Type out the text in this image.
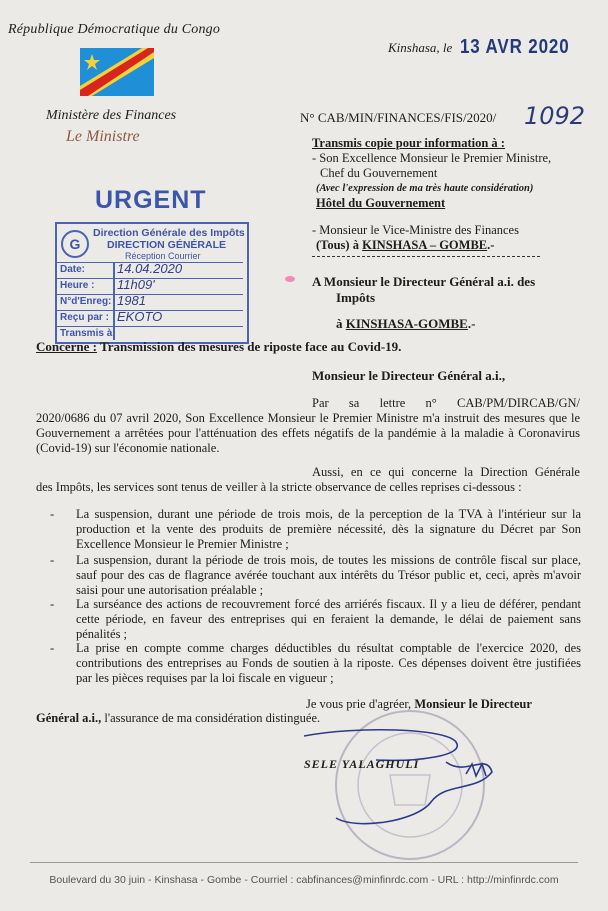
République Démocratique du Congo
Ministère des Finances
Le Ministre
Kinshasa, le 13 AVR 2020
N° CAB/MIN/FINANCES/FIS/2020/ 1092
Transmis copie pour information à :
- Son Excellence Monsieur le Premier Ministre,
Chef du Gouvernement
(Avec l'expression de ma très haute considération)
Hôtel du Gouvernement
- Monsieur le Vice-Ministre des Finances
(Tous) à KINSHASA – GOMBE.-
A Monsieur le Directeur Général a.i. des
Impôts
à KINSHASA-GOMBE.-
URGENT
G
Direction Générale des Impôts
DIRECTION GÉNÉRALE
Réception Courrier
Date: 14.04.2020
Heure : 11h09'
N°d'Enreg: 1981
Reçu par : EKOTO
Transmis à
Concerne : Transmission des mesures de riposte face au Covid-19.
Monsieur le Directeur Général a.i.,
Par sa lettre n° CAB/PM/DIRCAB/GN/
2020/0686 du 07 avril 2020, Son Excellence Monsieur le Premier Ministre m'a instruit des mesures que le Gouvernement a arrêtées pour l'atténuation des effets négatifs de la pandémie à la maladie à Coronavirus (Covid-19) sur l'économie nationale.
Aussi, en ce qui concerne la Direction Générale
des Impôts, les services sont tenus de veiller à la stricte observance de celles reprises ci-dessous :
- La suspension, durant une période de trois mois, de la perception de la TVA à l'intérieur sur la production et la vente des produits de première nécessité, dès la signature du Décret par Son Excellence Monsieur le Premier Ministre ;
- La suspension, durant la période de trois mois, de toutes les missions de contrôle fiscal sur place, sauf pour des cas de flagrance avérée touchant aux intérêts du Trésor public et, ceci, après m'avoir saisi pour une autorisation préalable ;
- La surséance des actions de recouvrement forcé des arriérés fiscaux. Il y a lieu de déférer, pendant cette période, en faveur des entreprises qui en feraient la demande, le délai de paiement sans pénalités ;
- La prise en compte comme charges déductibles du résultat comptable de l'exercice 2020, des contributions des entreprises au Fonds de soutien à la riposte. Ces dépenses doivent être justifiées par les pièces requises par la loi fiscale en vigueur ;
Je vous prie d'agréer, Monsieur le Directeur
Général a.i., l'assurance de ma considération distinguée.
SELE YALAGHULI
Boulevard du 30 juin - Kinshasa - Gombe - Courriel : cabfinances@minfinrdc.com - URL : http://minfinrdc.com
